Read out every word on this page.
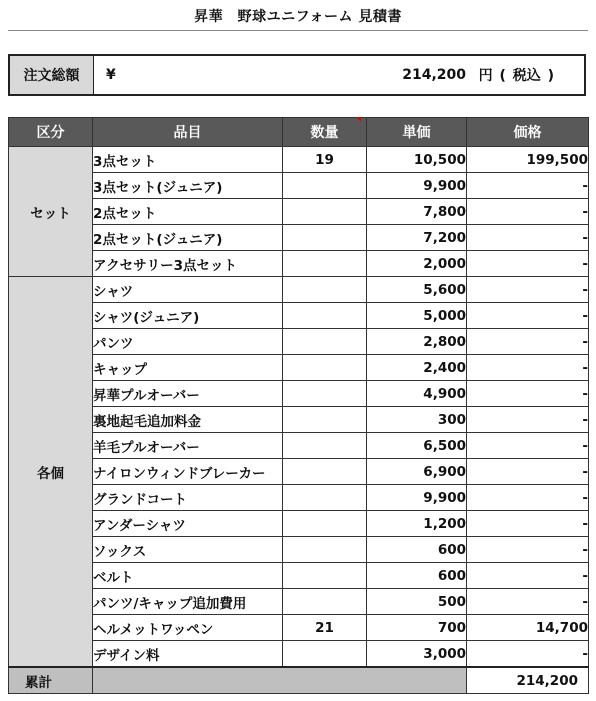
昇華　野球ユニフォーム 見積書
注文総額	¥	214,200 円 ( 税込 )
区分	品目	数量	単価	価格
セット	3点セット	19	10,500	199,500
	3点セット(ジュニア)		9,900	-
	2点セット		7,800	-
	2点セット(ジュニア)		7,200	-
	アクセサリー3点セット		2,000	-
各個	シャツ		5,600	-
	シャツ(ジュニア)		5,000	-
	パンツ		2,800	-
	キャップ		2,400	-
	昇華プルオーバー		4,900	-
	裏地起毛追加料金		300	-
	羊毛プルオーバー		6,500	-
	ナイロンウィンドブレーカー		6,900	-
	グランドコート		9,900	-
	アンダーシャツ		1,200	-
	ソックス		600	-
	ベルト		600	-
	パンツ/キャップ追加費用		500	-
	ヘルメットワッペン	21	700	14,700
	デザイン料		3,000	-
累計				214,200
